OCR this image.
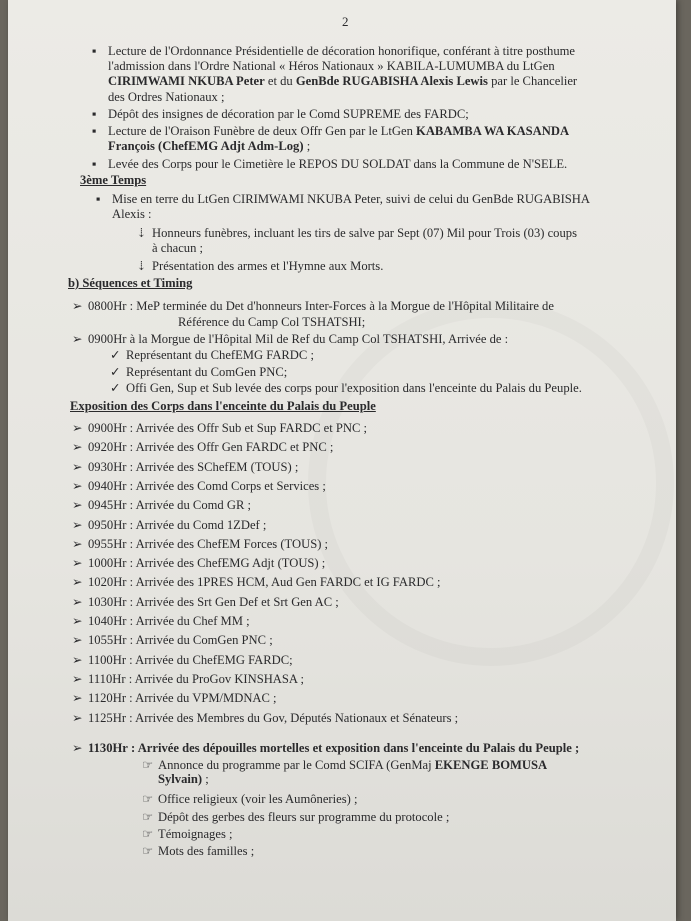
2
▪ Lecture de l'Ordonnance Présidentielle de décoration honorifique, conférant à titre posthume
l'admission dans l'Ordre National « Héros Nationaux » KABILA-LUMUMBA du LtGen
CIRIMWAMI NKUBA Peter et du GenBde RUGABISHA Alexis Lewis par le Chancelier
des Ordres Nationaux ;
▪ Dépôt des insignes de décoration par le Comd SUPREME des FARDC;
▪ Lecture de l'Oraison Funèbre de deux Offr Gen par le LtGen KABAMBA WA KASANDA
François (ChefEMG Adjt Adm-Log) ;
▪ Levée des Corps pour le Cimetière le REPOS DU SOLDAT dans la Commune de N'SELE.
3ème Temps
▪ Mise en terre du LtGen CIRIMWAMI NKUBA Peter, suivi de celui du GenBde RUGABISHA
Alexis :
⇣ Honneurs funèbres, incluant les tirs de salve par Sept (07) Mil pour Trois (03) coups
à chacun ;
⇣ Présentation des armes et l'Hymne aux Morts.
b) Séquences et Timing
➢ 0800Hr : MeP terminée du Det d'honneurs Inter-Forces à la Morgue de l'Hôpital Militaire de
Référence du Camp Col TSHATSHI;
➢ 0900Hr à la Morgue de l'Hôpital Mil de Ref du Camp Col TSHATSHI, Arrivée de :
✓ Représentant du ChefEMG FARDC ;
✓ Représentant du ComGen PNC;
✓ Offi Gen, Sup et Sub levée des corps pour l'exposition dans l'enceinte du Palais du Peuple.
Exposition des Corps dans l'enceinte du Palais du Peuple
➢ 0900Hr : Arrivée des Offr Sub et Sup FARDC et PNC ;
➢ 0920Hr : Arrivée des Offr Gen FARDC et PNC ;
➢ 0930Hr : Arrivée des SChefEM (TOUS) ;
➢ 0940Hr : Arrivée des Comd Corps et Services ;
➢ 0945Hr : Arrivée du Comd GR ;
➢ 0950Hr : Arrivée du Comd 1ZDef ;
➢ 0955Hr : Arrivée des ChefEM Forces (TOUS) ;
➢ 1000Hr : Arrivée des ChefEMG Adjt (TOUS) ;
➢ 1020Hr : Arrivée des 1PRES HCM, Aud Gen FARDC et IG FARDC ;
➢ 1030Hr : Arrivée des Srt Gen Def et Srt Gen AC ;
➢ 1040Hr : Arrivée du Chef MM ;
➢ 1055Hr : Arrivée du ComGen PNC ;
➢ 1100Hr : Arrivée du ChefEMG FARDC;
➢ 1110Hr : Arrivée du ProGov KINSHASA ;
➢ 1120Hr : Arrivée du VPM/MDNAC ;
➢ 1125Hr : Arrivée des Membres du Gov, Députés Nationaux et Sénateurs ;
➢ 1130Hr : Arrivée des dépouilles mortelles et exposition dans l'enceinte du Palais du Peuple ;
☞ Annonce du programme par le Comd SCIFA (GenMaj EKENGE BOMUSA
Sylvain) ;
☞ Office religieux (voir les Aumôneries) ;
☞ Dépôt des gerbes des fleurs sur programme du protocole ;
☞ Témoignages ;
☞ Mots des familles ;
